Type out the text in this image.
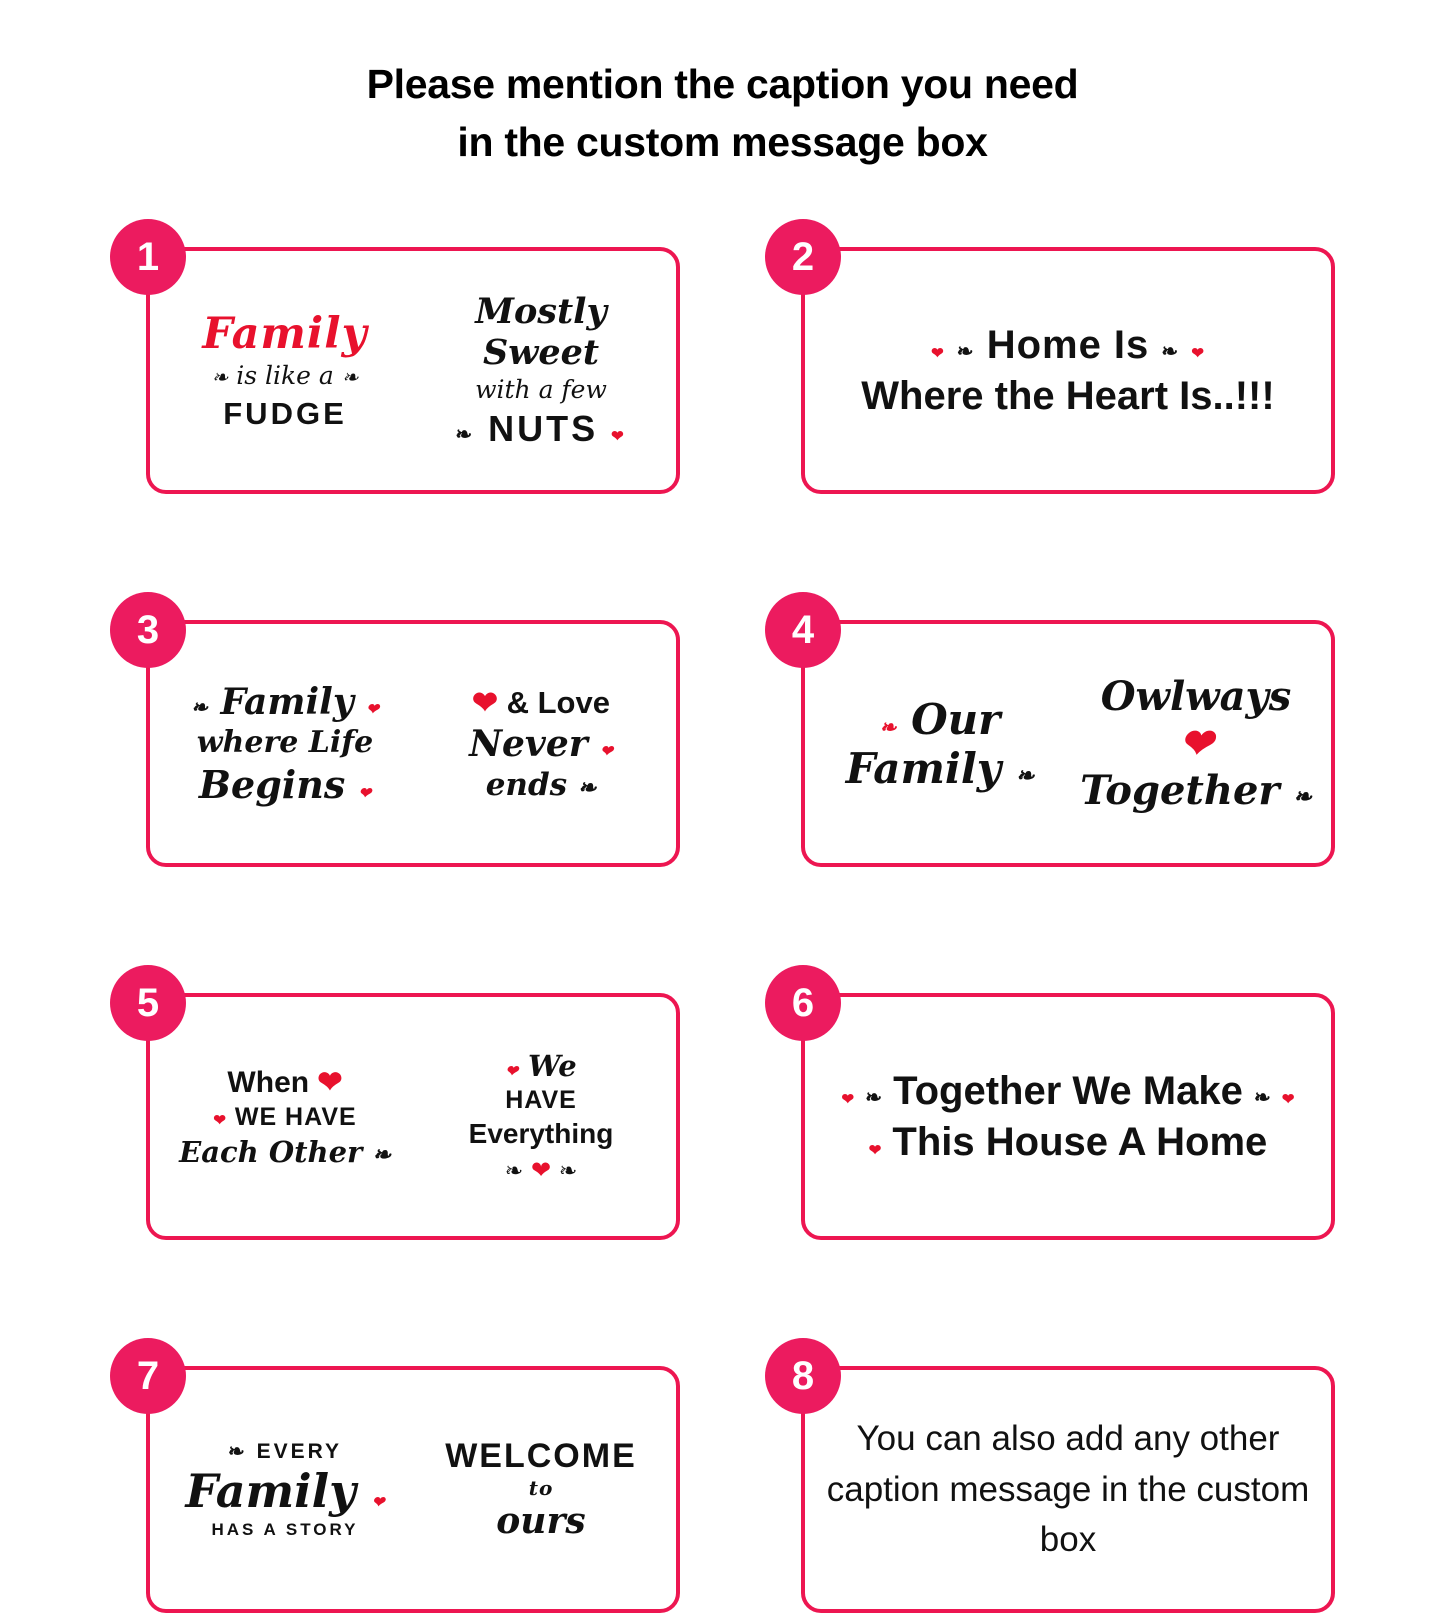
Please mention the caption you need
in the custom message box
Family
❧ is like a ❧
FUDGE
Mostly Sweet
with a few
❧ NUTS ❤
1
❤ ❧ Home Is ❧ ❤
Where the Heart Is..!!!
2
❧ Family ❤
where Life
Begins ❤
❤ & Love
Never ❤
ends ❧
3
❧ Our
Family ❧
Owlways ❤
Together ❧
4
When ❤
❤ WE HAVE
Each Other ❧
❤ We
HAVE
Everything
❧ ❤ ❧
5
❤ ❧ Together We Make ❧ ❤
❤ This House A Home
6
❧ EVERY
Family ❤
HAS A STORY
WELCOME
to
ours
7
You can also add any other caption message in the custom box
8
